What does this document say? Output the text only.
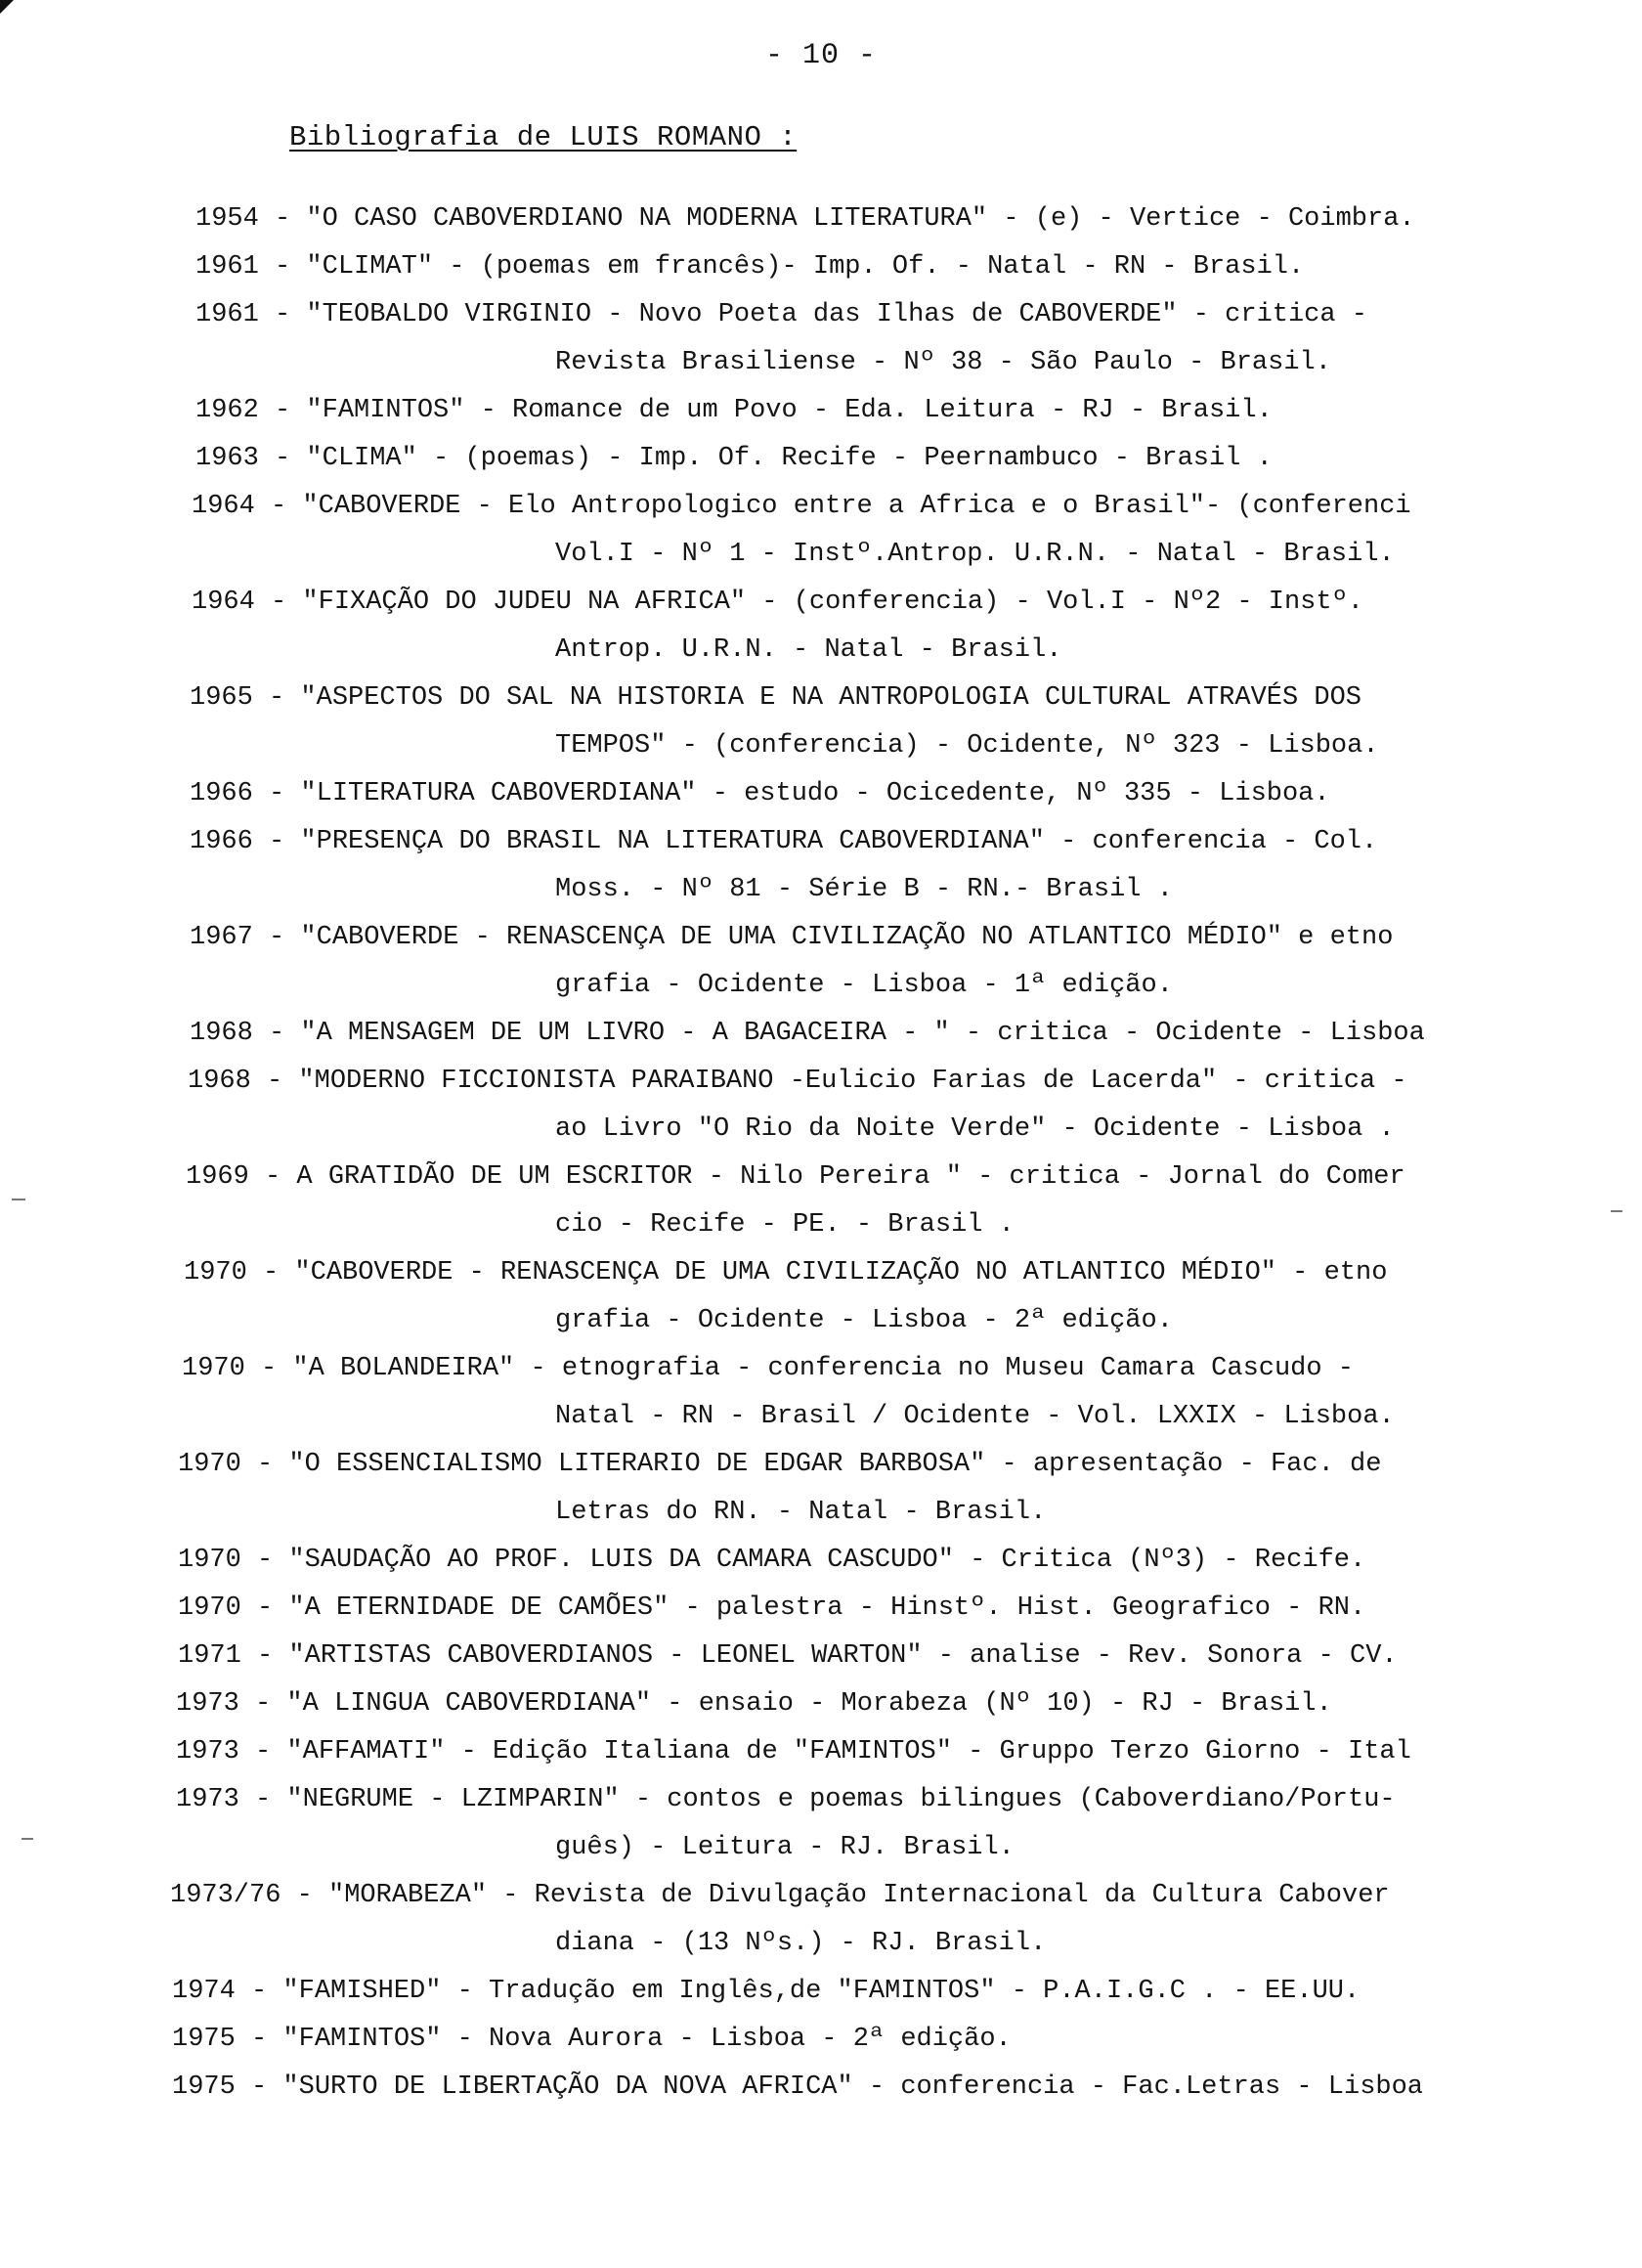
- 10 -
Bibliografia de LUIS ROMANO :
1954 - "O CASO CABOVERDIANO NA MODERNA LITERATURA" - (e) - Vertice - Coimbra.
1961 - "CLIMAT" - (poemas em francês)- Imp. Of. - Natal - RN - Brasil.
1961 - "TEOBALDO VIRGINIO - Novo Poeta das Ilhas de CABOVERDE" - critica -
Revista Brasiliense - Nº 38 - São Paulo - Brasil.
1962 - "FAMINTOS" - Romance de um Povo - Eda. Leitura - RJ - Brasil.
1963 - "CLIMA" - (poemas) - Imp. Of. Recife - Peernambuco - Brasil .
1964 - "CABOVERDE - Elo Antropologico entre a Africa e o Brasil"- (conferenci
Vol.I - Nº 1 - Instº.Antrop. U.R.N. - Natal - Brasil.
1964 - "FIXAÇÃO DO JUDEU NA AFRICA" - (conferencia) - Vol.I - Nº2 - Instº.
Antrop. U.R.N. - Natal - Brasil.
1965 - "ASPECTOS DO SAL NA HISTORIA E NA ANTROPOLOGIA CULTURAL ATRAVÉS DOS
TEMPOS" - (conferencia) - Ocidente, Nº 323 - Lisboa.
1966 - "LITERATURA CABOVERDIANA" - estudo - Ocicedente, Nº 335 - Lisboa.
1966 - "PRESENÇA DO BRASIL NA LITERATURA CABOVERDIANA" - conferencia - Col.
Moss. - Nº 81 - Série B - RN.- Brasil .
1967 - "CABOVERDE - RENASCENÇA DE UMA CIVILIZAÇÃO NO ATLANTICO MÉDIO" e etno
grafia - Ocidente - Lisboa - 1ª edição.
1968 - "A MENSAGEM DE UM LIVRO - A BAGACEIRA - " - critica - Ocidente - Lisboa
1968 - "MODERNO FICCIONISTA PARAIBANO -Eulicio Farias de Lacerda" - critica -
ao Livro "O Rio da Noite Verde" - Ocidente - Lisboa .
1969 - A GRATIDÃO DE UM ESCRITOR - Nilo Pereira " - critica - Jornal do Comer
cio - Recife - PE. - Brasil .
1970 - "CABOVERDE - RENASCENÇA DE UMA CIVILIZAÇÃO NO ATLANTICO MÉDIO" - etno
grafia - Ocidente - Lisboa - 2ª edição.
1970 - "A BOLANDEIRA" - etnografia - conferencia no Museu Camara Cascudo -
Natal - RN - Brasil / Ocidente - Vol. LXXIX - Lisboa.
1970 - "O ESSENCIALISMO LITERARIO DE EDGAR BARBOSA" - apresentação - Fac. de
Letras do RN. - Natal - Brasil.
1970 - "SAUDAÇÃO AO PROF. LUIS DA CAMARA CASCUDO" - Critica (Nº3) - Recife.
1970 - "A ETERNIDADE DE CAMÕES" - palestra - Hinstº. Hist. Geografico - RN.
1971 - "ARTISTAS CABOVERDIANOS - LEONEL WARTON" - analise - Rev. Sonora - CV.
1973 - "A LINGUA CABOVERDIANA" - ensaio - Morabeza (Nº 10) - RJ - Brasil.
1973 - "AFFAMATI" - Edição Italiana de "FAMINTOS" - Gruppo Terzo Giorno - Ital
1973 - "NEGRUME - LZIMPARIN" - contos e poemas bilingues (Caboverdiano/Portu-
guês) - Leitura - RJ. Brasil.
1973/76 - "MORABEZA" - Revista de Divulgação Internacional da Cultura Cabover
diana - (13 Nºs.) - RJ. Brasil.
1974 - "FAMISHED" - Tradução em Inglês,de "FAMINTOS" - P.A.I.G.C . - EE.UU.
1975 - "FAMINTOS" - Nova Aurora - Lisboa - 2ª edição.
1975 - "SURTO DE LIBERTAÇÃO DA NOVA AFRICA" - conferencia - Fac.Letras - Lisboa
